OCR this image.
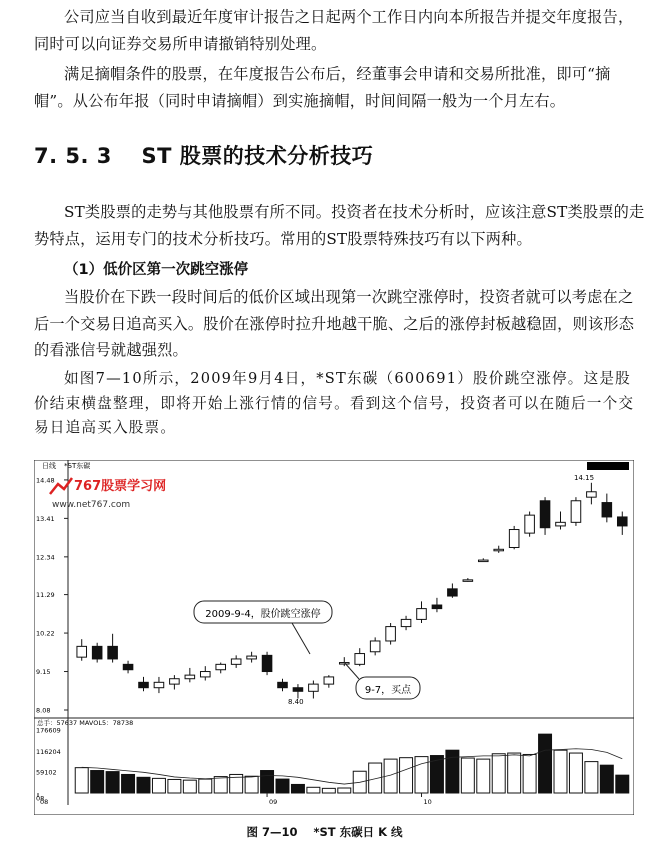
公司应当自收到最近年度审计报告之日起两个工作日内向本所报告并提交年度报告，同时可以向证券交易所申请撤销特别处理。
满足摘帽条件的股票，在年度报告公布后，经董事会申请和交易所批准，即可“摘帽”。从公布年报（同时申请摘帽）到实施摘帽，时间间隔一般为一个月左右。
7. 5. 3 ST 股票的技术分析技巧
ST类股票的走势与其他股票有所不同。投资者在技术分析时，应该注意ST类股票的走势特点，运用专门的技术分析技巧。常用的ST股票特殊技巧有以下两种。
（1）低价区第一次跳空涨停
当股价在下跌一段时间后的低价区域出现第一次跳空涨停时，投资者就可以考虑在之后一个交易日追高买入。股价在涨停时拉升地越干脆、之后的涨停封板越稳固，则该形态的看涨信号就越强烈。
如图7—10所示，2009年9月4日，*ST东碳（600691）股价跳空涨停。这是股价结束横盘整理，即将开始上涨行情的信号。看到这个信号，投资者可以在随后一个交易日追高买入股票。
日线 *ST东碳
767股票学习网
www.net767.com
14.48
13.41
12.34
11.29
10.22
9.15
8.08
2009-9-4，股价跳空涨停
9-7，买点
14.15
8.40
总手：57637 MAVOL5：78738
176609
116204
59102
08
08	09	10
图 7—10 *ST 东碳日 K 线
